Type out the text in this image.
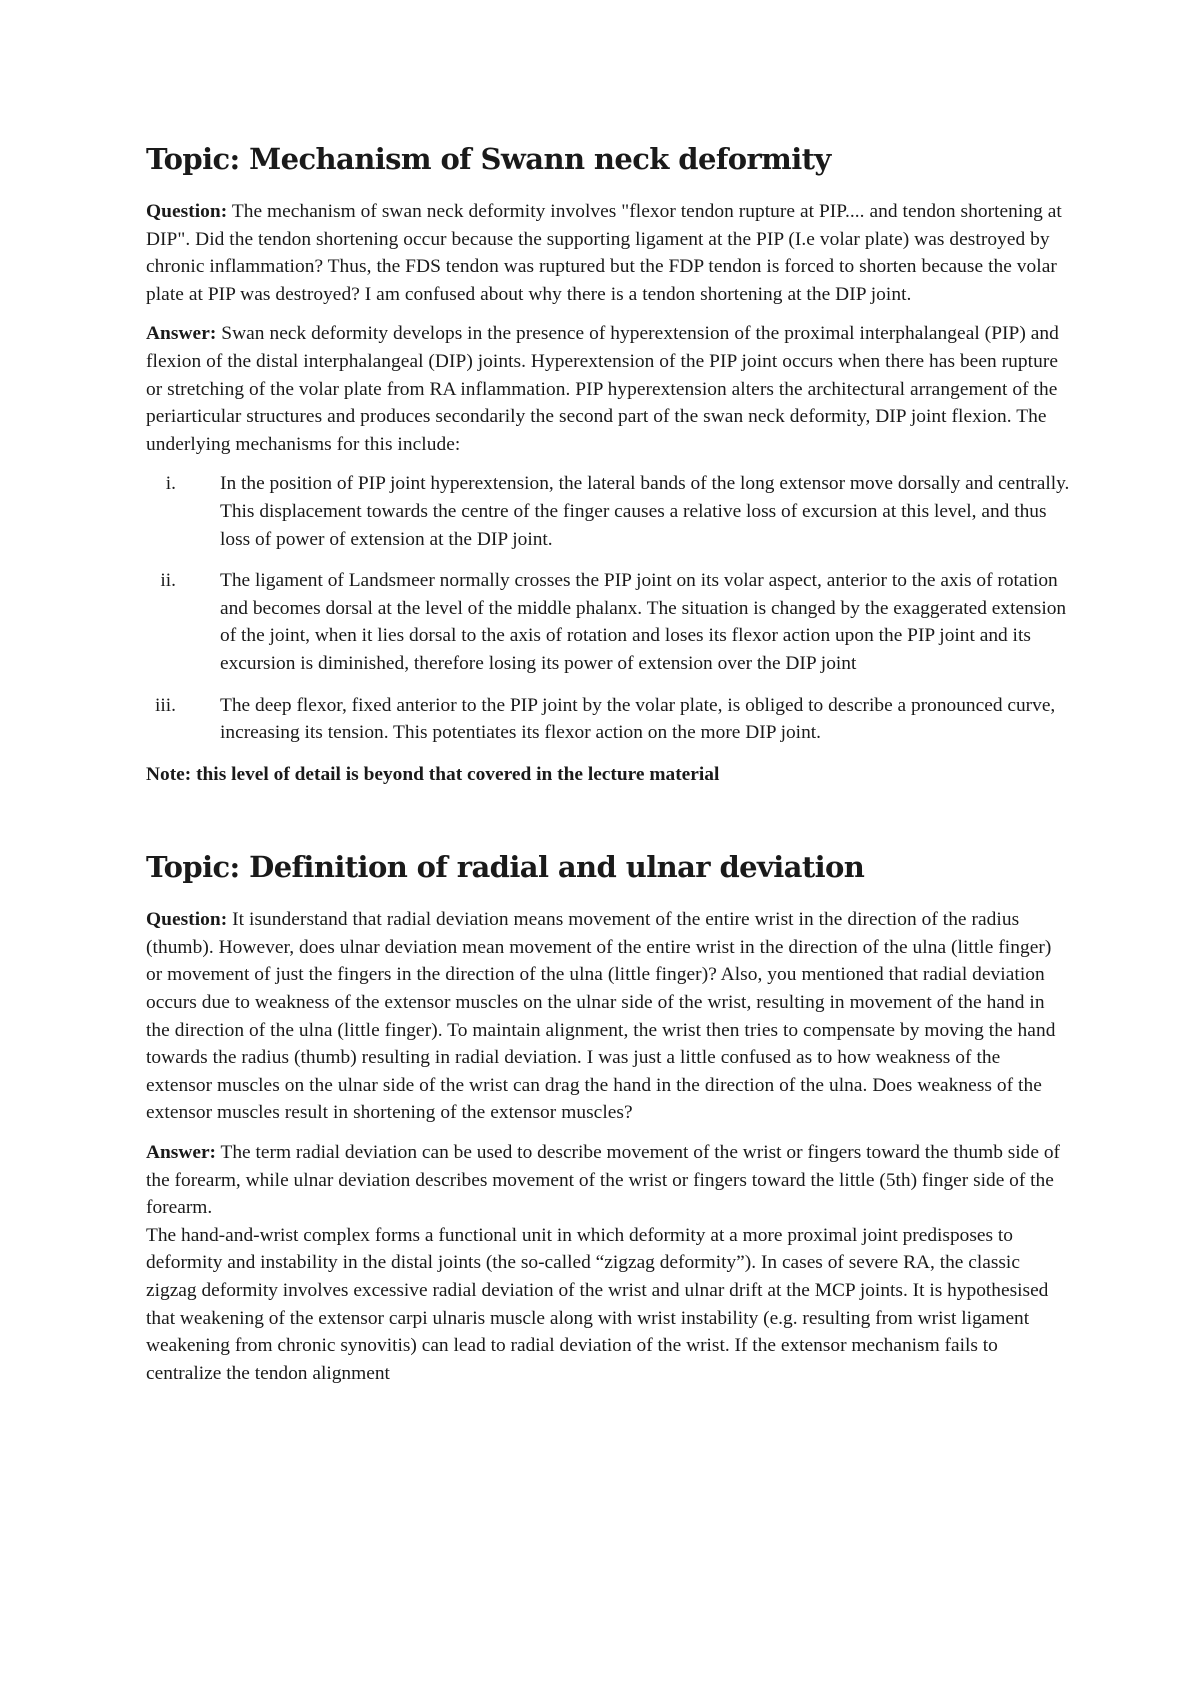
Topic: Mechanism of Swann neck deformity

Question: The mechanism of swan neck deformity involves "flexor tendon rupture at PIP.... and tendon shortening at DIP". Did the tendon shortening occur because the supporting ligament at the PIP (I.e volar plate) was destroyed by chronic inflammation? Thus, the FDS tendon was ruptured but the FDP tendon is forced to shorten because the volar plate at PIP was destroyed? I am confused about why there is a tendon shortening at the DIP joint.

Answer: Swan neck deformity develops in the presence of hyperextension of the proximal interphalangeal (PIP) and flexion of the distal interphalangeal (DIP) joints. Hyperextension of the PIP joint occurs when there has been rupture or stretching of the volar plate from RA inflammation. PIP hyperextension alters the architectural arrangement of the periarticular structures and produces secondarily the second part of the swan neck deformity, DIP joint flexion. The underlying mechanisms for this include:

i. In the position of PIP joint hyperextension, the lateral bands of the long extensor move dorsally and centrally. This displacement towards the centre of the finger causes a relative loss of excursion at this level, and thus loss of power of extension at the DIP joint.
ii. The ligament of Landsmeer normally crosses the PIP joint on its volar aspect, anterior to the axis of rotation and becomes dorsal at the level of the middle phalanx. The situation is changed by the exaggerated extension of the joint, when it lies dorsal to the axis of rotation and loses its flexor action upon the PIP joint and its excursion is diminished, therefore losing its power of extension over the DIP joint
iii. The deep flexor, fixed anterior to the PIP joint by the volar plate, is obliged to describe a pronounced curve, increasing its tension. This potentiates its flexor action on the more DIP joint.

Note: this level of detail is beyond that covered in the lecture material

Topic: Definition of radial and ulnar deviation

Question: It isunderstand that radial deviation means movement of the entire wrist in the direction of the radius (thumb). However, does ulnar deviation mean movement of the entire wrist in the direction of the ulna (little finger) or movement of just the fingers in the direction of the ulna (little finger)? Also, you mentioned that radial deviation occurs due to weakness of the extensor muscles on the ulnar side of the wrist, resulting in movement of the hand in the direction of the ulna (little finger). To maintain alignment, the wrist then tries to compensate by moving the hand towards the radius (thumb) resulting in radial deviation. I was just a little confused as to how weakness of the extensor muscles on the ulnar side of the wrist can drag the hand in the direction of the ulna. Does weakness of the extensor muscles result in shortening of the extensor muscles?

Answer: The term radial deviation can be used to describe movement of the wrist or fingers toward the thumb side of the forearm, while ulnar deviation describes movement of the wrist or fingers toward the little (5th) finger side of the forearm.

The hand-and-wrist complex forms a functional unit in which deformity at a more proximal joint predisposes to deformity and instability in the distal joints (the so-called “zigzag deformity”). In cases of severe RA, the classic zigzag deformity involves excessive radial deviation of the wrist and ulnar drift at the MCP joints. It is hypothesised that weakening of the extensor carpi ulnaris muscle along with wrist instability (e.g. resulting from wrist ligament weakening from chronic synovitis) can lead to radial deviation of the wrist. If the extensor mechanism fails to centralize the tendon alignment
